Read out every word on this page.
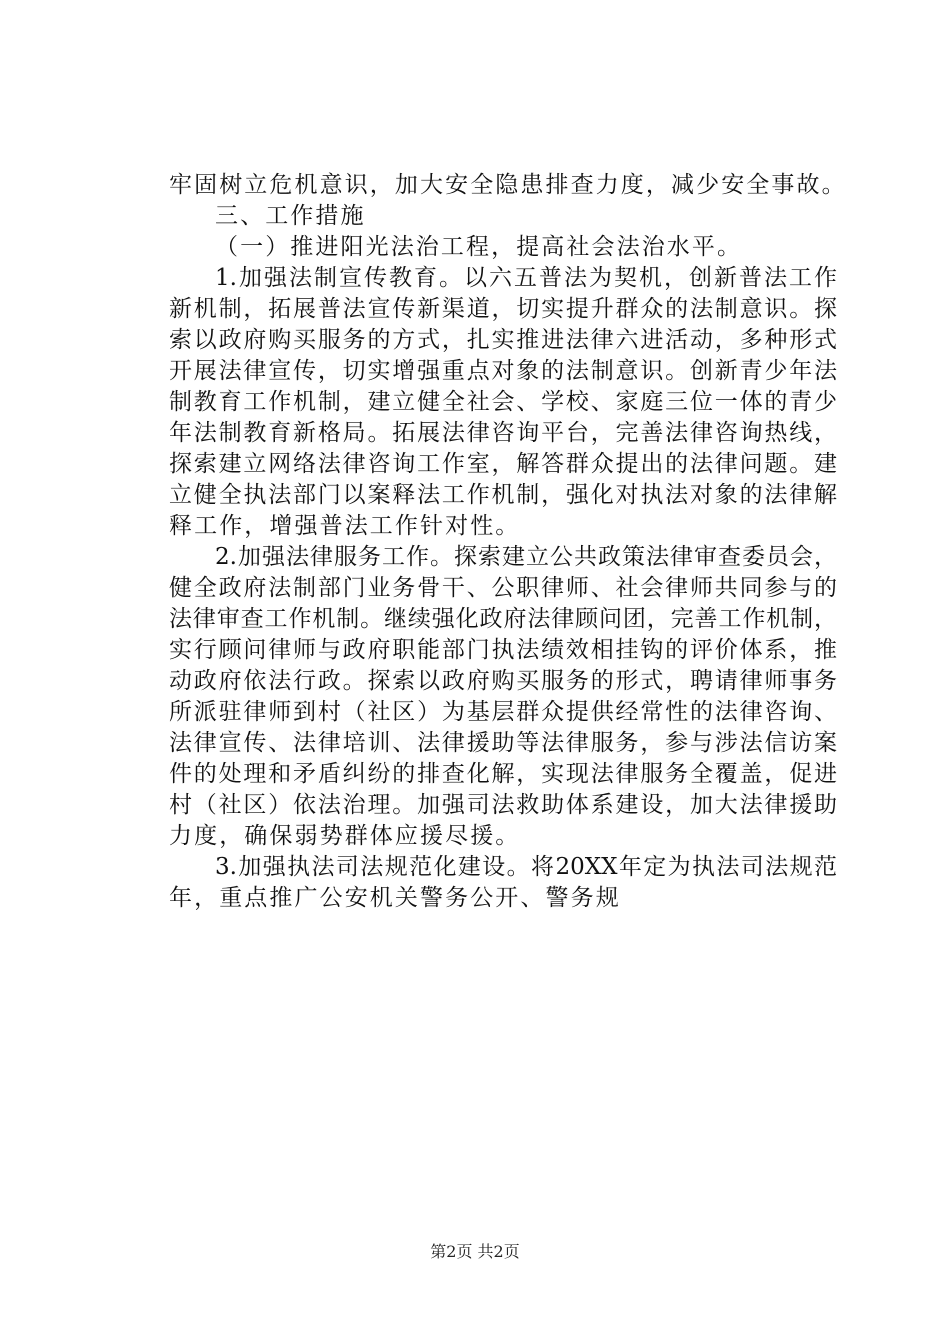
牢固树立危机意识，加大安全隐患排查力度，减少安全事故。
三、工作措施
（一）推进阳光法治工程，提高社会法治水平。
1.加强法制宣传教育。以六五普法为契机，创新普法工作
新机制，拓展普法宣传新渠道，切实提升群众的法制意识。探
索以政府购买服务的方式，扎实推进法律六进活动，多种形式
开展法律宣传，切实增强重点对象的法制意识。创新青少年法
制教育工作机制，建立健全社会、学校、家庭三位一体的青少
年法制教育新格局。拓展法律咨询平台，完善法律咨询热线，
探索建立网络法律咨询工作室，解答群众提出的法律问题。建
立健全执法部门以案释法工作机制，强化对执法对象的法律解
释工作，增强普法工作针对性。
2.加强法律服务工作。探索建立公共政策法律审查委员会，
健全政府法制部门业务骨干、公职律师、社会律师共同参与的
法律审查工作机制。继续强化政府法律顾问团，完善工作机制，
实行顾问律师与政府职能部门执法绩效相挂钩的评价体系，推
动政府依法行政。探索以政府购买服务的形式，聘请律师事务
所派驻律师到村（社区）为基层群众提供经常性的法律咨询、
法律宣传、法律培训、法律援助等法律服务，参与涉法信访案
件的处理和矛盾纠纷的排查化解，实现法律服务全覆盖，促进
村（社区）依法治理。加强司法救助体系建设，加大法律援助
力度，确保弱势群体应援尽援。
3.加强执法司法规范化建设。将20XX年定为执法司法规范
年，重点推广公安机关警务公开、警务规
第2页 共2页
